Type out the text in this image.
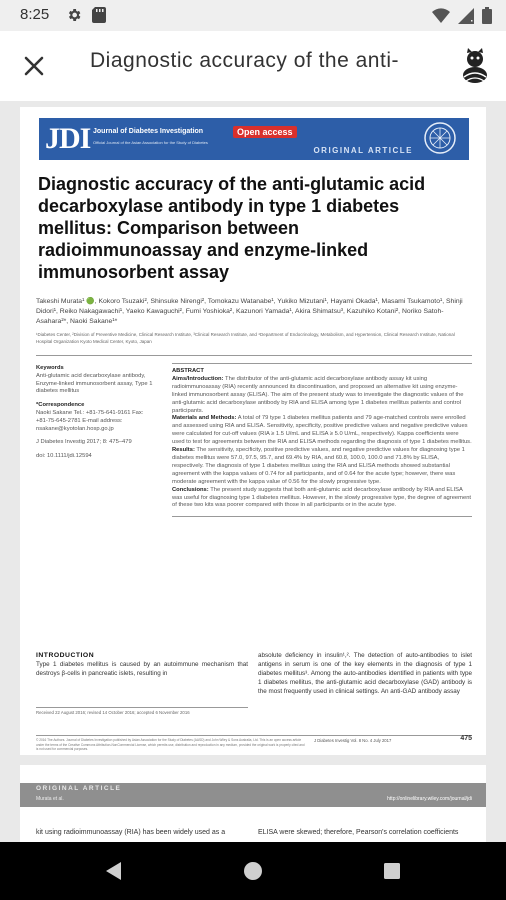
8:25
Diagnostic accuracy of the anti-
JDI Journal of Diabetes Investigation	Open access
Official Journal of the Asian Association for the Study of Diabetes
ORIGINAL ARTICLE
Diagnostic accuracy of the anti-glutamic acid decarboxylase antibody in type 1 diabetes mellitus: Comparison between radioimmunoassay and enzyme-linked immunosorbent assay
Takeshi Murata¹ 🟢, Kokoro Tsuzaki², Shinsuke Nirengi², Tomokazu Watanabe¹, Yukiko Mizutani¹, Hayami Okada¹, Masami Tsukamoto¹, Shinji Didori¹, Reiko Nakagawachi¹, Yaeko Kawaguchi², Fumi Yoshioka², Kazunori Yamada¹, Akira Shimatsu³, Kazuhiko Kotani², Noriko Satoh-Asahara²*, Naoki Sakane¹*
¹Diabetes Center, ²Division of Preventive Medicine, Clinical Research Institute, ³Clinical Research Institute, and ⁴Department of Endocrinology, Metabolism, and Hypertension, Clinical Research Institute, National Hospital Organization Kyoto Medical Center, Kyoto, Japan
Keywords
Anti-glutamic acid decarboxylase antibody, Enzyme-linked immunosorbent assay, Type 1 diabetes mellitus
*Correspondence
Naoki Sakane Tel.: +81-75-641-9161 Fax: +81-75-645-2781 E-mail address: nsakane@kyotolan.hosp.go.jp
J Diabetes Investig 2017; 8: 475–479
doi: 10.1111/jdi.12594
ABSTRACT
Aims/Introduction: The distributor of the anti-glutamic acid decarboxylase antibody assay kit using radioimmunoassay (RIA) recently announced its discontinuation, and proposed an alternative kit using enzyme-linked immunosorbent assay (ELISA). The aim of the present study was to investigate the diagnostic values of the anti-glutamic acid decarboxylase antibody by RIA and ELISA among type 1 diabetes mellitus patients and control participants.
Materials and Methods: A total of 79 type 1 diabetes mellitus patients and 79 age-matched controls were enrolled and assessed using RIA and ELISA. Sensitivity, specificity, positive predictive values and negative predictive values were calculated for cut-off values (RIA ≥ 1.5 U/mL and ELISA ≥ 5.0 U/mL, respectively). Kappa coefficients were used to test for agreements between the RIA and ELISA methods regarding the diagnosis of type 1 diabetes mellitus.
Results: The sensitivity, specificity, positive predictive values, and negative predictive values for diagnosing type 1 diabetes mellitus were 57.0, 97.5, 95.7, and 69.4% by RIA, and 60.8, 100.0, 100.0 and 71.8% by ELISA, respectively. The diagnosis of type 1 diabetes mellitus using the RIA and ELISA methods showed substantial agreement with the kappa values of 0.74 for all participants, and of 0.64 for the acute type; however, there was moderate agreement with the kappa value of 0.56 for the slowly progressive type.
Conclusions: The present study suggests that both anti-glutamic acid decarboxylase antibody by RIA and ELISA was useful for diagnosing type 1 diabetes mellitus. However, in the slowly progressive type, the degree of agreement of these two kits was poorer compared with those in all participants or in the acute type.
INTRODUCTION
Type 1 diabetes mellitus is caused by an autoimmune mechanism that destroys β-cells in pancreatic islets, resulting in
absolute deficiency in insulin¹,². The detection of auto-antibodies to islet antigens in serum is one of the key elements in the diagnosis of type 1 diabetes mellitus³. Among the auto-antibodies identified in patients with type 1 diabetes mellitus, the anti-glutamic acid decarboxylase (GAD) antibody is the most frequently used in clinical settings. An anti-GAD antibody assay
Received 22 August 2016; revised 14 October 2016; accepted 6 November 2016
© 2016 The Authors. Journal of Diabetes Investigation published by Asian Association for the Study of Diabetes (AASD) and John Wiley & Sons Australia, Ltd. This is an open access article under the terms of the Creative Commons Attribution-NonCommercial License, which permits use, distribution and reproduction in any medium, provided the original work is properly cited and is not used for commercial purposes.
J Diabetes Investig Vol. 8 No. 4 July 2017	475
ORIGINAL ARTICLE
Murata et al.	http://onlinelibrary.wiley.com/journal/jdi
kit using radioimmunoassay (RIA) has been widely used as a	ELISA were skewed; therefore, Pearson's correlation coefficients
